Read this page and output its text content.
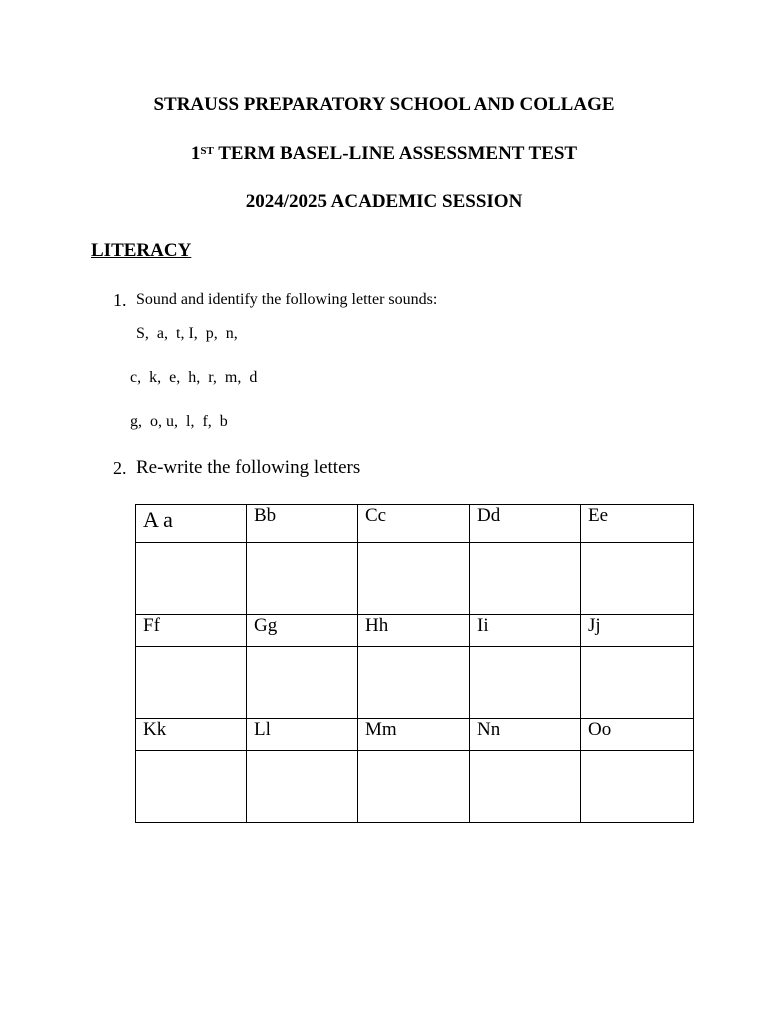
STRAUSS PREPARATORY SCHOOL AND COLLAGE
1ST TERM BASEL-LINE ASSESSMENT TEST
2024/2025 ACADEMIC SESSION
LITERACY
1. Sound and identify the following letter sounds:
S,  a,  t, I,  p,  n,
c,  k,  e,  h,  r,  m,  d
g,  o, u,  l,  f,  b
2. Re-write the following letters
A a	Bb	Cc	Dd	Ee

Ff	Gg	Hh	Ii	Jj

Kk	Ll	Mm	Nn	Oo
